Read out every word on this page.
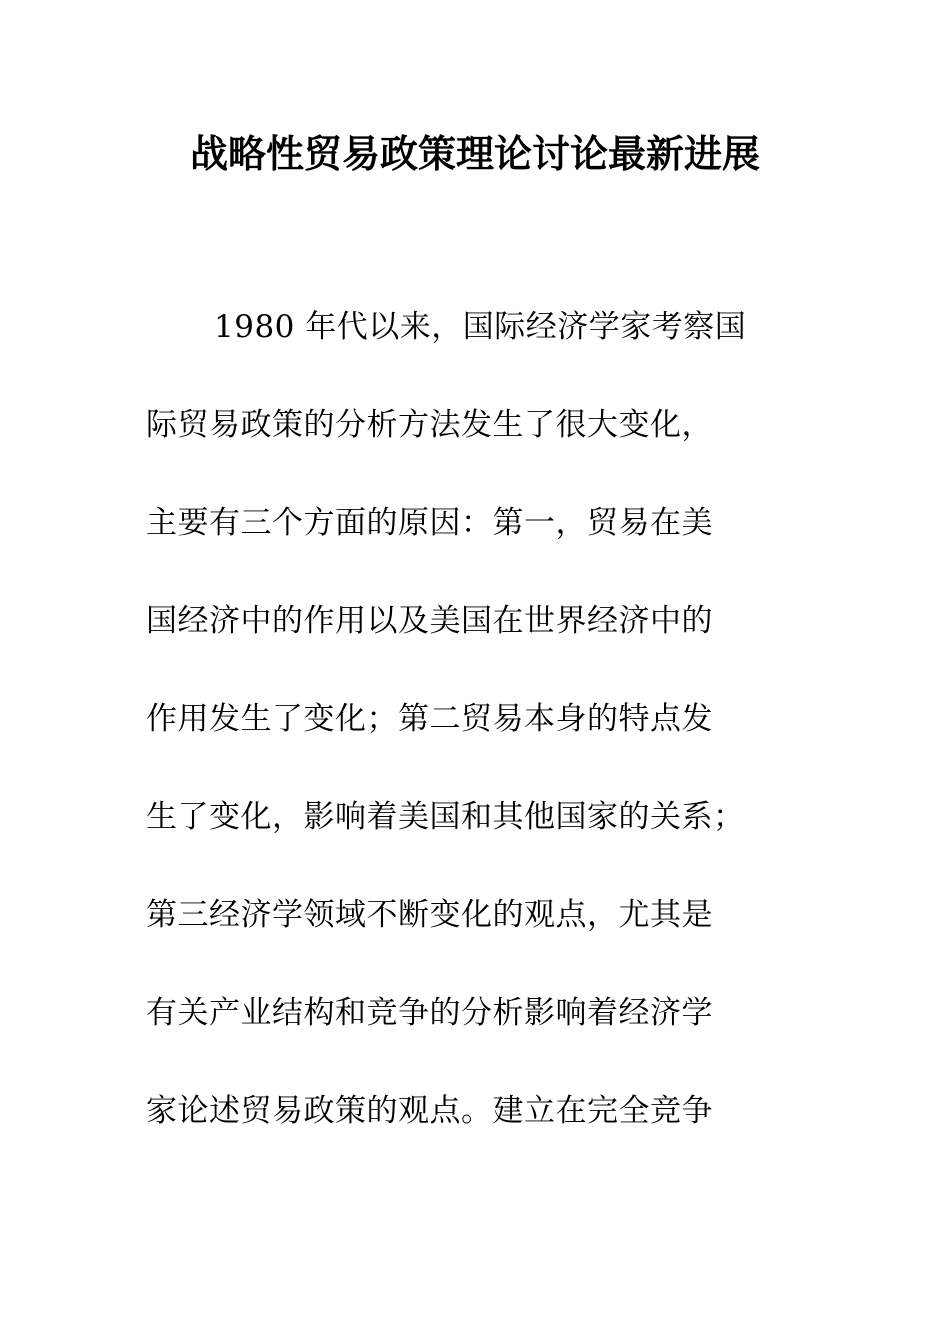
战略性贸易政策理论讨论最新进展
1980 年代以来，国际经济学家考察国
际贸易政策的分析方法发生了很大变化，
主要有三个方面的原因：第一，贸易在美
国经济中的作用以及美国在世界经济中的
作用发生了变化；第二贸易本身的特点发
生了变化，影响着美国和其他国家的关系；
第三经济学领域不断变化的观点，尤其是
有关产业结构和竞争的分析影响着经济学
家论述贸易政策的观点。建立在完全竞争
